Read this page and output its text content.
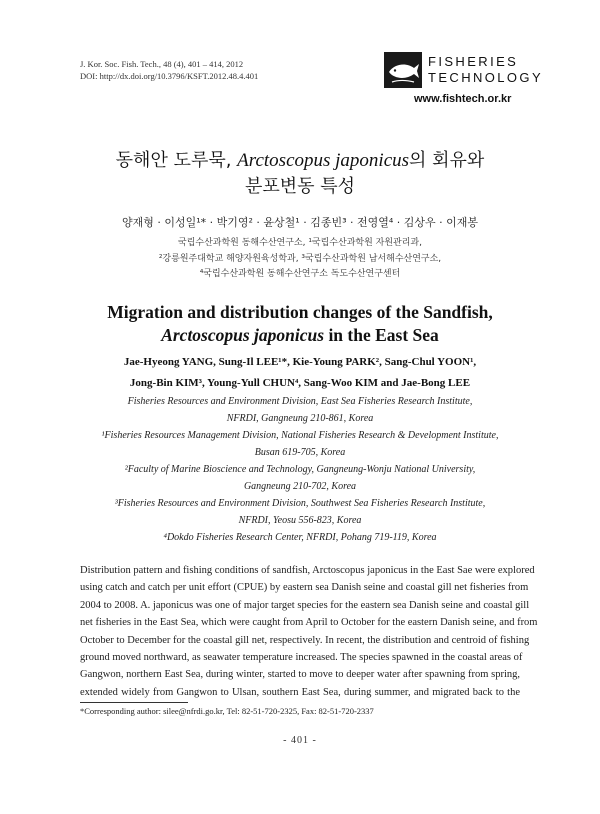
J. Kor. Soc. Fish. Tech., 48 (4), 401 – 414, 2012
DOI: http://dx.doi.org/10.3796/KSFT.2012.48.4.401
FISHERIES
TECHNOLOGY
www.fishtech.or.kr
동해안 도루묵, Arctoscopus japonicus의 회유와
분포변동 특성
양재형 · 이성일¹* · 박기영² · 윤상철¹ · 김종빈³ · 전영열⁴ · 김상우 · 이재봉
국립수산과학원 동해수산연구소, ¹국립수산과학원 자원관리과,
²강릉원주대학교 해양자원육성학과, ³국립수산과학원 남서해수산연구소,
⁴국립수산과학원 동해수산연구소 독도수산연구센터
Migration and distribution changes of the Sandfish,
Arctoscopus japonicus in the East Sea
Jae-Hyeong YANG, Sung-Il LEE¹*, Kie-Young PARK², Sang-Chul YOON¹,
Jong-Bin KIM³, Young-Yull CHUN⁴, Sang-Woo KIM and Jae-Bong LEE
Fisheries Resources and Environment Division, East Sea Fisheries Research Institute,
NFRDI, Gangneung 210-861, Korea
¹Fisheries Resources Management Division, National Fisheries Research & Development Institute,
Busan 619-705, Korea
²Faculty of Marine Bioscience and Technology, Gangneung-Wonju National University,
Gangneung 210-702, Korea
³Fisheries Resources and Environment Division, Southwest Sea Fisheries Research Institute,
NFRDI, Yeosu 556-823, Korea
⁴Dokdo Fisheries Research Center, NFRDI, Pohang 719-119, Korea
Distribution pattern and fishing conditions of sandfish, Arctoscopus japonicus in the East Sae were explored
using catch and catch per unit effort (CPUE) by eastern sea Danish seine and coastal gill net fisheries from
2004 to 2008. A. japonicus was one of major target species for the eastern sea Danish seine and coastal gill
net fisheries in the East Sea, which were caught from April to October for the eastern Danish seine, and from
October to December for the coastal gill net, respectively. In recent, the distribution and centroid of fishing
ground moved northward, as seawater temperature increased. The species spawned in the coastal areas of
Gangwon, northern East Sea, during winter, started to move to deeper water after spawning from spring,
extended widely from Gangwon to Ulsan, southern East Sea, during summer, and migrated back to the
*Corresponding author: silee@nfrdi.go.kr, Tel: 82-51-720-2325, Fax: 82-51-720-2337
- 401 -
